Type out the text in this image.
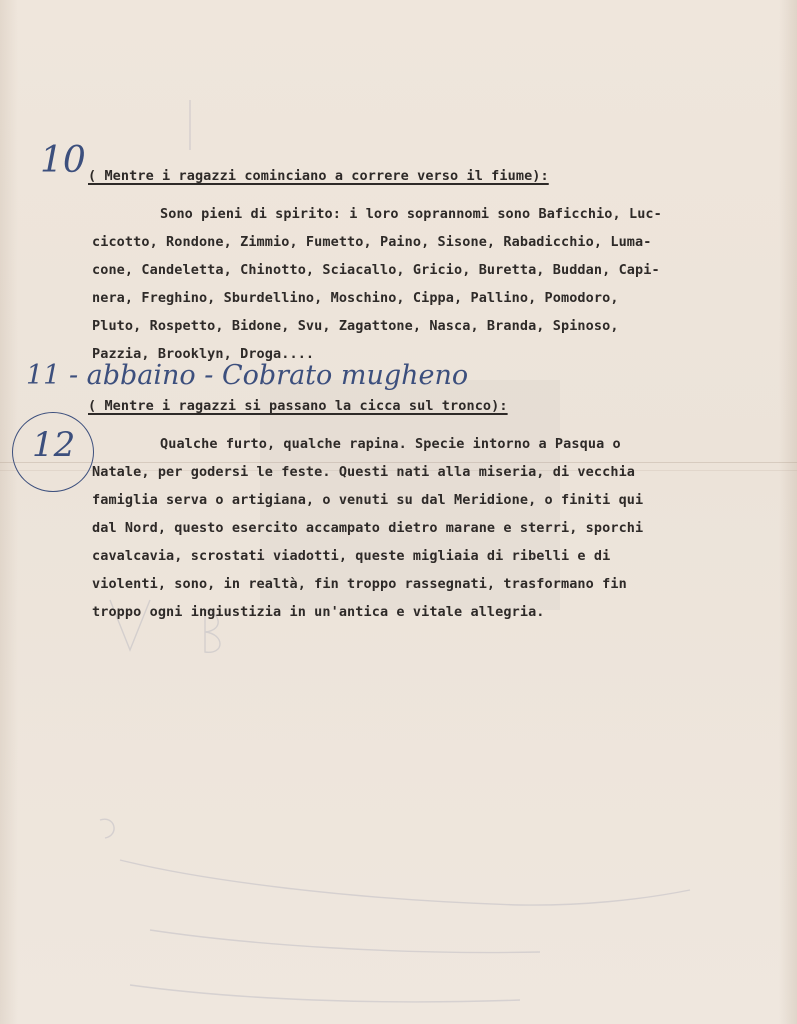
10
11 - abbaino - Cobrato mugheno
12
( Mentre i ragazzi cominciano a correre verso il fiume):
Sono pieni di spirito: i loro soprannomi sono Baficchio, Luc-
cicotto, Rondone, Zimmio, Fumetto, Paino, Sisone, Rabadicchio, Luma-
cone, Candeletta, Chinotto, Sciacallo, Gricio, Buretta, Buddan, Capi-
nera, Freghino, Sburdellino, Moschino, Cippa, Pallino, Pomodoro,
Pluto, Rospetto, Bidone, Svu, Zagattone, Nasca, Branda, Spinoso,
Pazzia, Brooklyn, Droga....
( Mentre i ragazzi si passano la cicca sul tronco):
Qualche furto, qualche rapina. Specie intorno a Pasqua o
Natale, per godersi le feste. Questi nati alla miseria, di vecchia
famiglia serva o artigiana, o venuti su dal Meridione, o finiti qui
dal Nord, questo esercito accampato dietro marane e sterri, sporchi
cavalcavia, scrostati viadotti, queste migliaia di ribelli e di
violenti, sono, in realtà, fin troppo rassegnati, trasformano fin
troppo ogni ingiustizia in un'antica e vitale allegria.
